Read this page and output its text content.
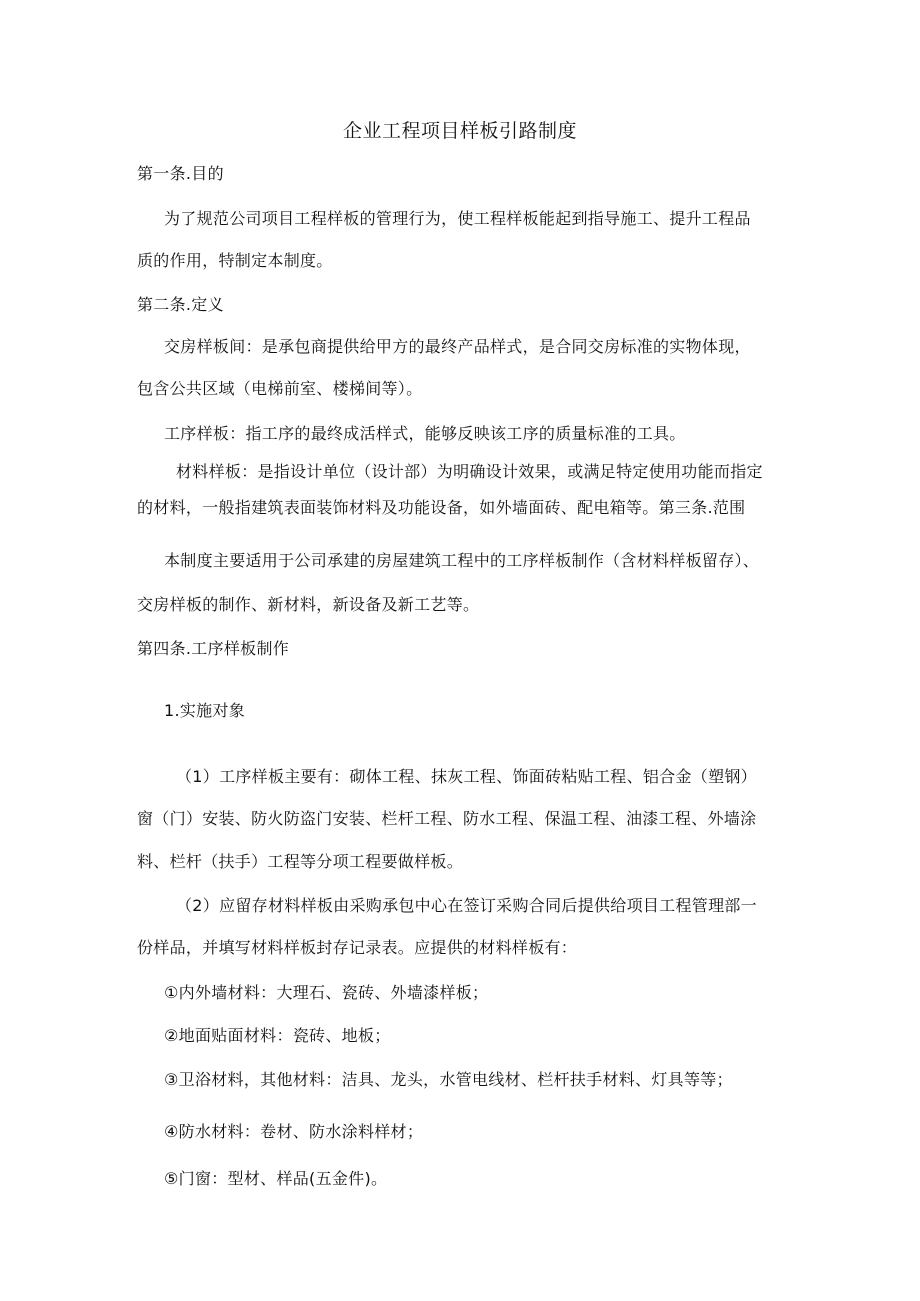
企业工程项目样板引路制度
第一条.目的
为了规范公司项目工程样板的管理行为，使工程样板能起到指导施工、提升工程品
质的作用，特制定本制度。
第二条.定义
交房样板间：是承包商提供给甲方的最终产品样式，是合同交房标准的实物体现，
包含公共区域（电梯前室、楼梯间等）。
工序样板：指工序的最终成活样式，能够反映该工序的质量标准的工具。
材料样板：是指设计单位（设计部）为明确设计效果，或满足特定使用功能而指定
的材料，一般指建筑表面装饰材料及功能设备，如外墙面砖、配电箱等。第三条.范围
本制度主要适用于公司承建的房屋建筑工程中的工序样板制作（含材料样板留存）、
交房样板的制作、新材料，新设备及新工艺等。
第四条.工序样板制作
1.实施对象
（1）工序样板主要有：砌体工程、抹灰工程、饰面砖粘贴工程、铝合金（塑钢）
窗（门）安装、防火防盗门安装、栏杆工程、防水工程、保温工程、油漆工程、外墙涂
料、栏杆（扶手）工程等分项工程要做样板。
（2）应留存材料样板由采购承包中心在签订采购合同后提供给项目工程管理部一
份样品，并填写材料样板封存记录表。应提供的材料样板有：
①内外墙材料：大理石、瓷砖、外墙漆样板；
②地面贴面材料：瓷砖、地板；
③卫浴材料，其他材料：洁具、龙头，水管电线材、栏杆扶手材料、灯具等等；
④防水材料：卷材、防水涂料样材；
⑤门窗：型材、样品(五金件)。
